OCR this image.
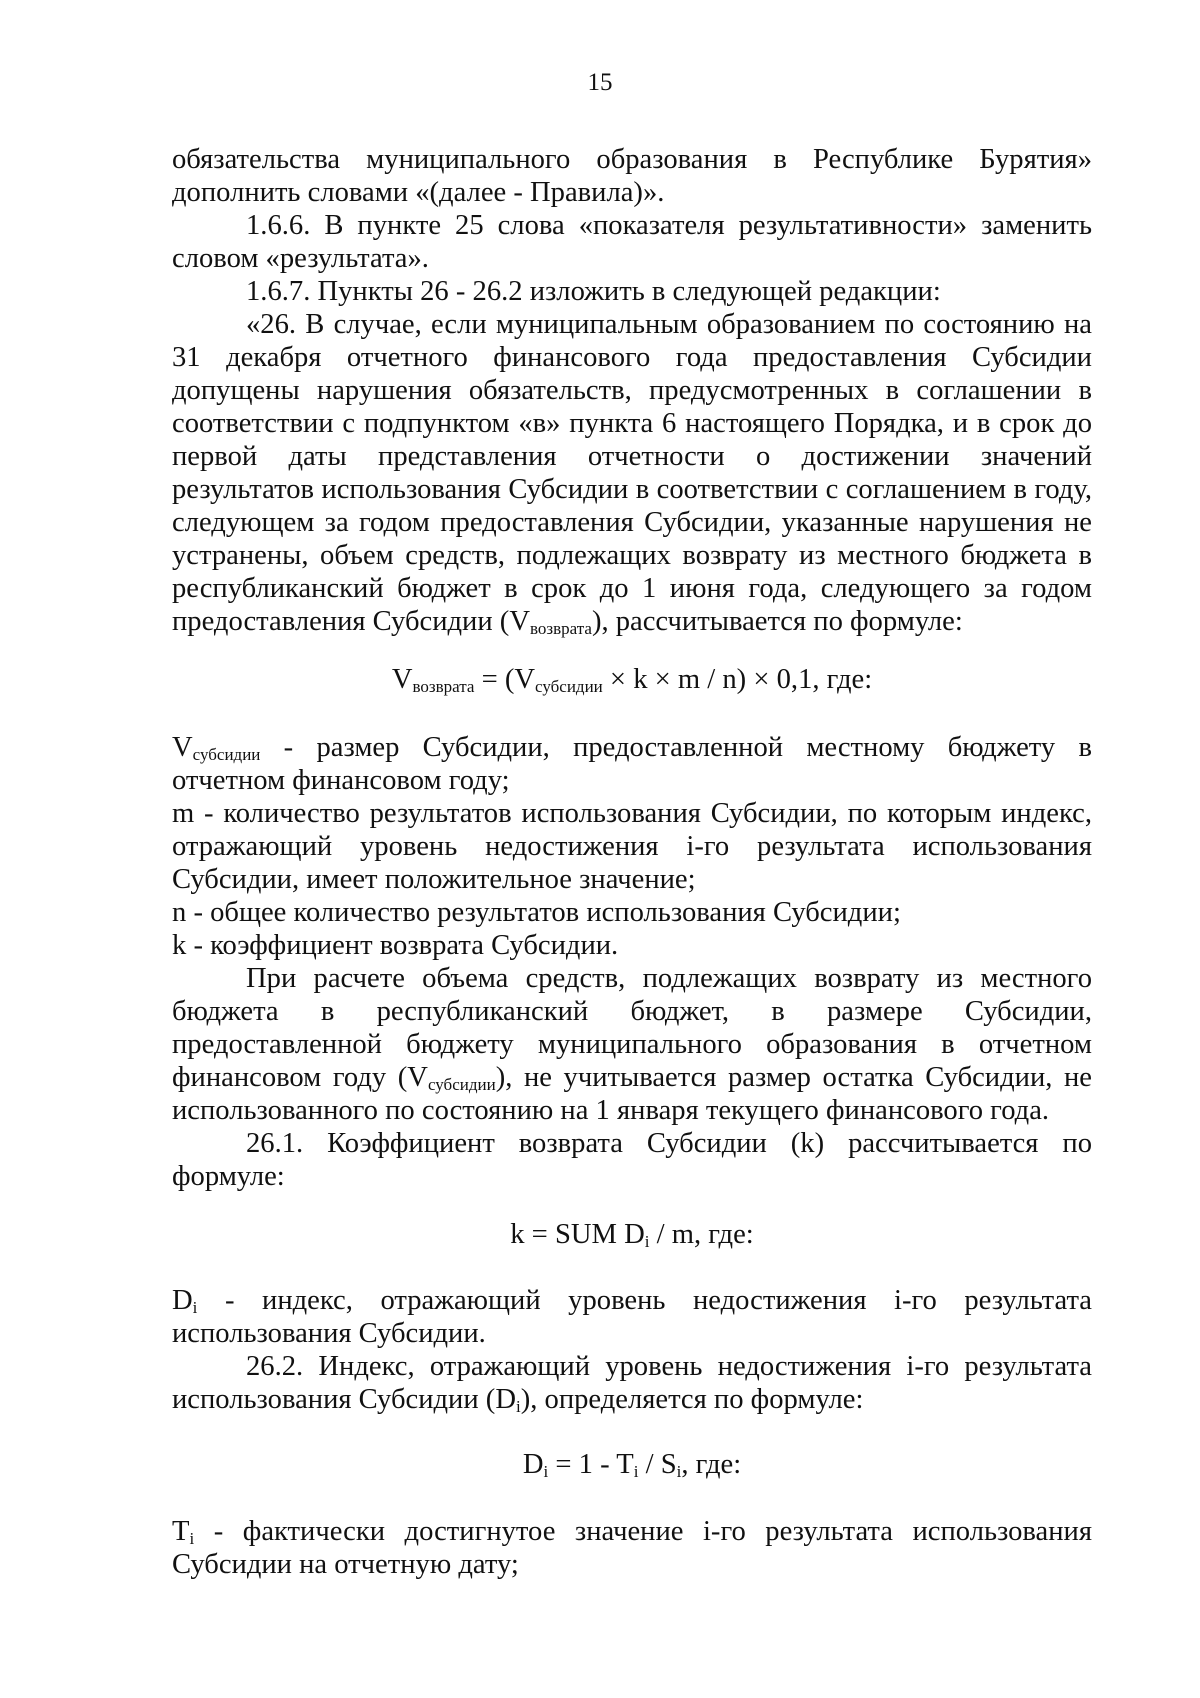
15

обязательства муниципального образования в Республике Бурятия» дополнить словами «(далее - Правила)».

1.6.6. В пункте 25 слова «показателя результативности» заменить словом «результата».

1.6.7. Пункты 26 - 26.2 изложить в следующей редакции:

«26. В случае, если муниципальным образованием по состоянию на 31 декабря отчетного финансового года предоставления Субсидии допущены нарушения обязательств, предусмотренных в соглашении в соответствии с подпунктом «в» пункта 6 настоящего Порядка, и в срок до первой даты представления отчетности о достижении значений результатов использования Субсидии в соответствии с соглашением в году, следующем за годом предоставления Субсидии, указанные нарушения не устранены, объем средств, подлежащих возврату из местного бюджета в республиканский бюджет в срок до 1 июня года, следующего за годом предоставления Субсидии $(V_{возврата})$, рассчитывается по формуле:

$V_{возврата} = (V_{субсидии} \times k \times m / n) \times 0,1$, где:

$V_{субсидии}$ - размер Субсидии, предоставленной местному бюджету в отчетном финансовом году;

m - количество результатов использования Субсидии, по которым индекс, отражающий уровень недостижения i-го результата использования Субсидии, имеет положительное значение;

n - общее количество результатов использования Субсидии;

k - коэффициент возврата Субсидии.

При расчете объема средств, подлежащих возврату из местного бюджета в республиканский бюджет, в размере Субсидии, предоставленной бюджету муниципального образования в отчетном финансовом году $(V_{субсидии})$, не учитывается размер остатка Субсидии, не использованного по состоянию на 1 января текущего финансового года.

26.1. Коэффициент возврата Субсидии (k) рассчитывается по формуле:

k = SUM $D_i$ / m, где:

$D_i$ - индекс, отражающий уровень недостижения i-го результата использования Субсидии.

26.2. Индекс, отражающий уровень недостижения i-го результата использования Субсидии $(D_i)$, определяется по формуле:

$D_i = 1 - T_i / S_i$, где:

$T_i$ - фактически достигнутое значение i-го результата использования Субсидии на отчетную дату;
